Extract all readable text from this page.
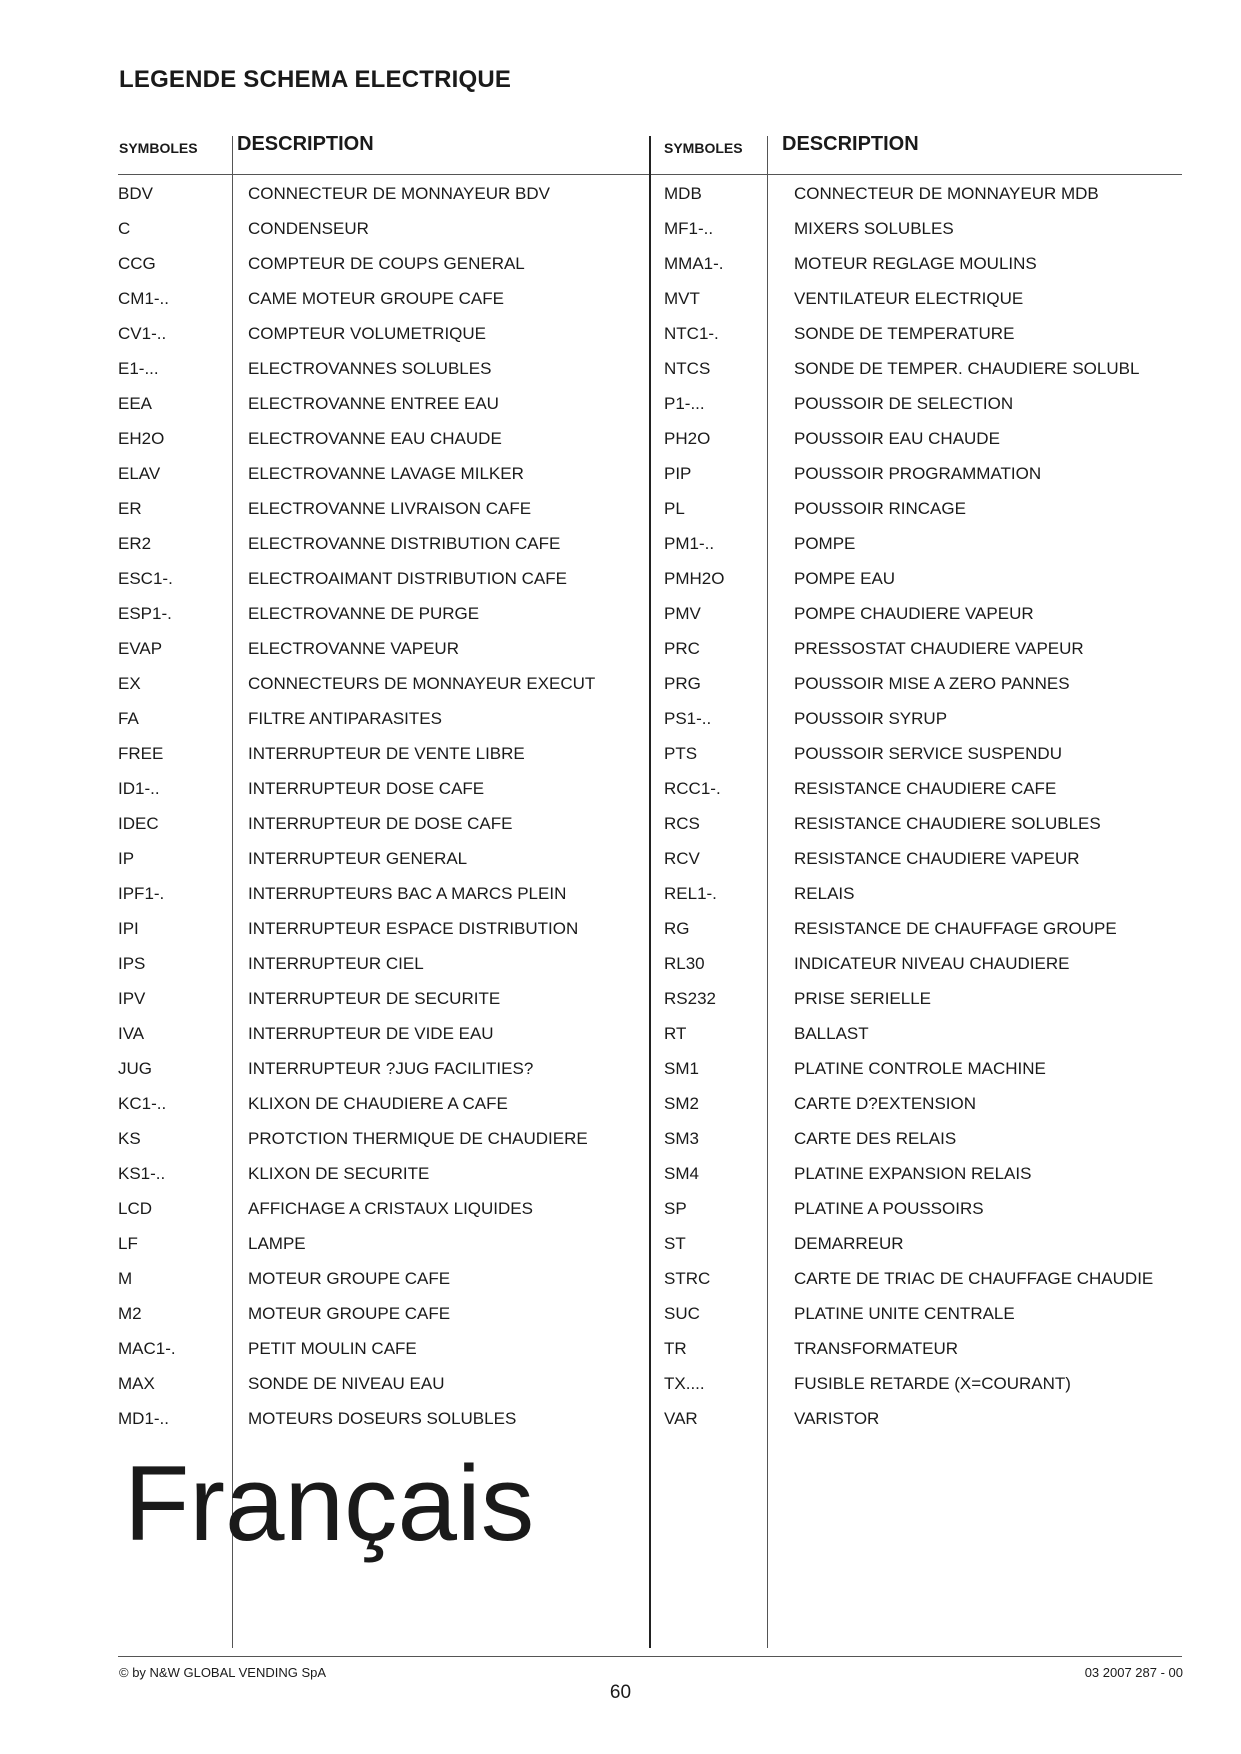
LEGENDE SCHEMA ELECTRIQUE
SYMBOLES DESCRIPTION	SYMBOLES DESCRIPTION
BDV	CONNECTEUR DE MONNAYEUR BDV
C	CONDENSEUR
CCG	COMPTEUR DE COUPS GENERAL
CM1-..	CAME MOTEUR GROUPE CAFE
CV1-..	COMPTEUR VOLUMETRIQUE
E1-...	ELECTROVANNES SOLUBLES
EEA	ELECTROVANNE ENTREE EAU
EH2O	ELECTROVANNE EAU CHAUDE
ELAV	ELECTROVANNE LAVAGE MILKER
ER	ELECTROVANNE LIVRAISON CAFE
ER2	ELECTROVANNE DISTRIBUTION CAFE
ESC1-.	ELECTROAIMANT DISTRIBUTION CAFE
ESP1-.	ELECTROVANNE DE PURGE
EVAP	ELECTROVANNE VAPEUR
EX	CONNECTEURS DE MONNAYEUR EXECUT
FA	FILTRE ANTIPARASITES
FREE	INTERRUPTEUR DE VENTE LIBRE
ID1-..	INTERRUPTEUR DOSE CAFE
IDEC	INTERRUPTEUR DE DOSE CAFE
IP	INTERRUPTEUR GENERAL
IPF1-.	INTERRUPTEURS BAC A MARCS PLEIN
IPI	INTERRUPTEUR ESPACE DISTRIBUTION
IPS	INTERRUPTEUR CIEL
IPV	INTERRUPTEUR DE SECURITE
IVA	INTERRUPTEUR DE VIDE EAU
JUG	INTERRUPTEUR ?JUG FACILITIES?
KC1-..	KLIXON DE CHAUDIERE A CAFE
KS	PROTCTION THERMIQUE DE CHAUDIERE
KS1-..	KLIXON DE SECURITE
LCD	AFFICHAGE A CRISTAUX LIQUIDES
LF	LAMPE
M	MOTEUR GROUPE CAFE
M2	MOTEUR GROUPE CAFE
MAC1-.	PETIT MOULIN CAFE
MAX	SONDE DE NIVEAU EAU
MD1-..	MOTEURS DOSEURS SOLUBLES
MDB	CONNECTEUR DE MONNAYEUR MDB
MF1-..	MIXERS SOLUBLES
MMA1-.	MOTEUR REGLAGE MOULINS
MVT	VENTILATEUR ELECTRIQUE
NTC1-.	SONDE DE TEMPERATURE
NTCS	SONDE DE TEMPER. CHAUDIERE SOLUBL
P1-...	POUSSOIR DE SELECTION
PH2O	POUSSOIR EAU CHAUDE
PIP	POUSSOIR PROGRAMMATION
PL	POUSSOIR RINCAGE
PM1-..	POMPE
PMH2O	POMPE EAU
PMV	POMPE CHAUDIERE VAPEUR
PRC	PRESSOSTAT CHAUDIERE VAPEUR
PRG	POUSSOIR MISE A ZERO PANNES
PS1-..	POUSSOIR SYRUP
PTS	POUSSOIR SERVICE SUSPENDU
RCC1-.	RESISTANCE CHAUDIERE CAFE
RCS	RESISTANCE CHAUDIERE SOLUBLES
RCV	RESISTANCE CHAUDIERE VAPEUR
REL1-.	RELAIS
RG	RESISTANCE DE CHAUFFAGE GROUPE
RL30	INDICATEUR NIVEAU CHAUDIERE
RS232	PRISE SERIELLE
RT	BALLAST
SM1	PLATINE CONTROLE MACHINE
SM2	CARTE D?EXTENSION
SM3	CARTE DES RELAIS
SM4	PLATINE EXPANSION RELAIS
SP	PLATINE A POUSSOIRS
ST	DEMARREUR
STRC	CARTE DE TRIAC DE CHAUFFAGE CHAUDIE
SUC	PLATINE UNITE CENTRALE
TR	TRANSFORMATEUR
TX....	FUSIBLE RETARDE (X=COURANT)
VAR	VARISTOR
Français
© by N&W GLOBAL VENDING SpA	03 2007 287 - 00
60
